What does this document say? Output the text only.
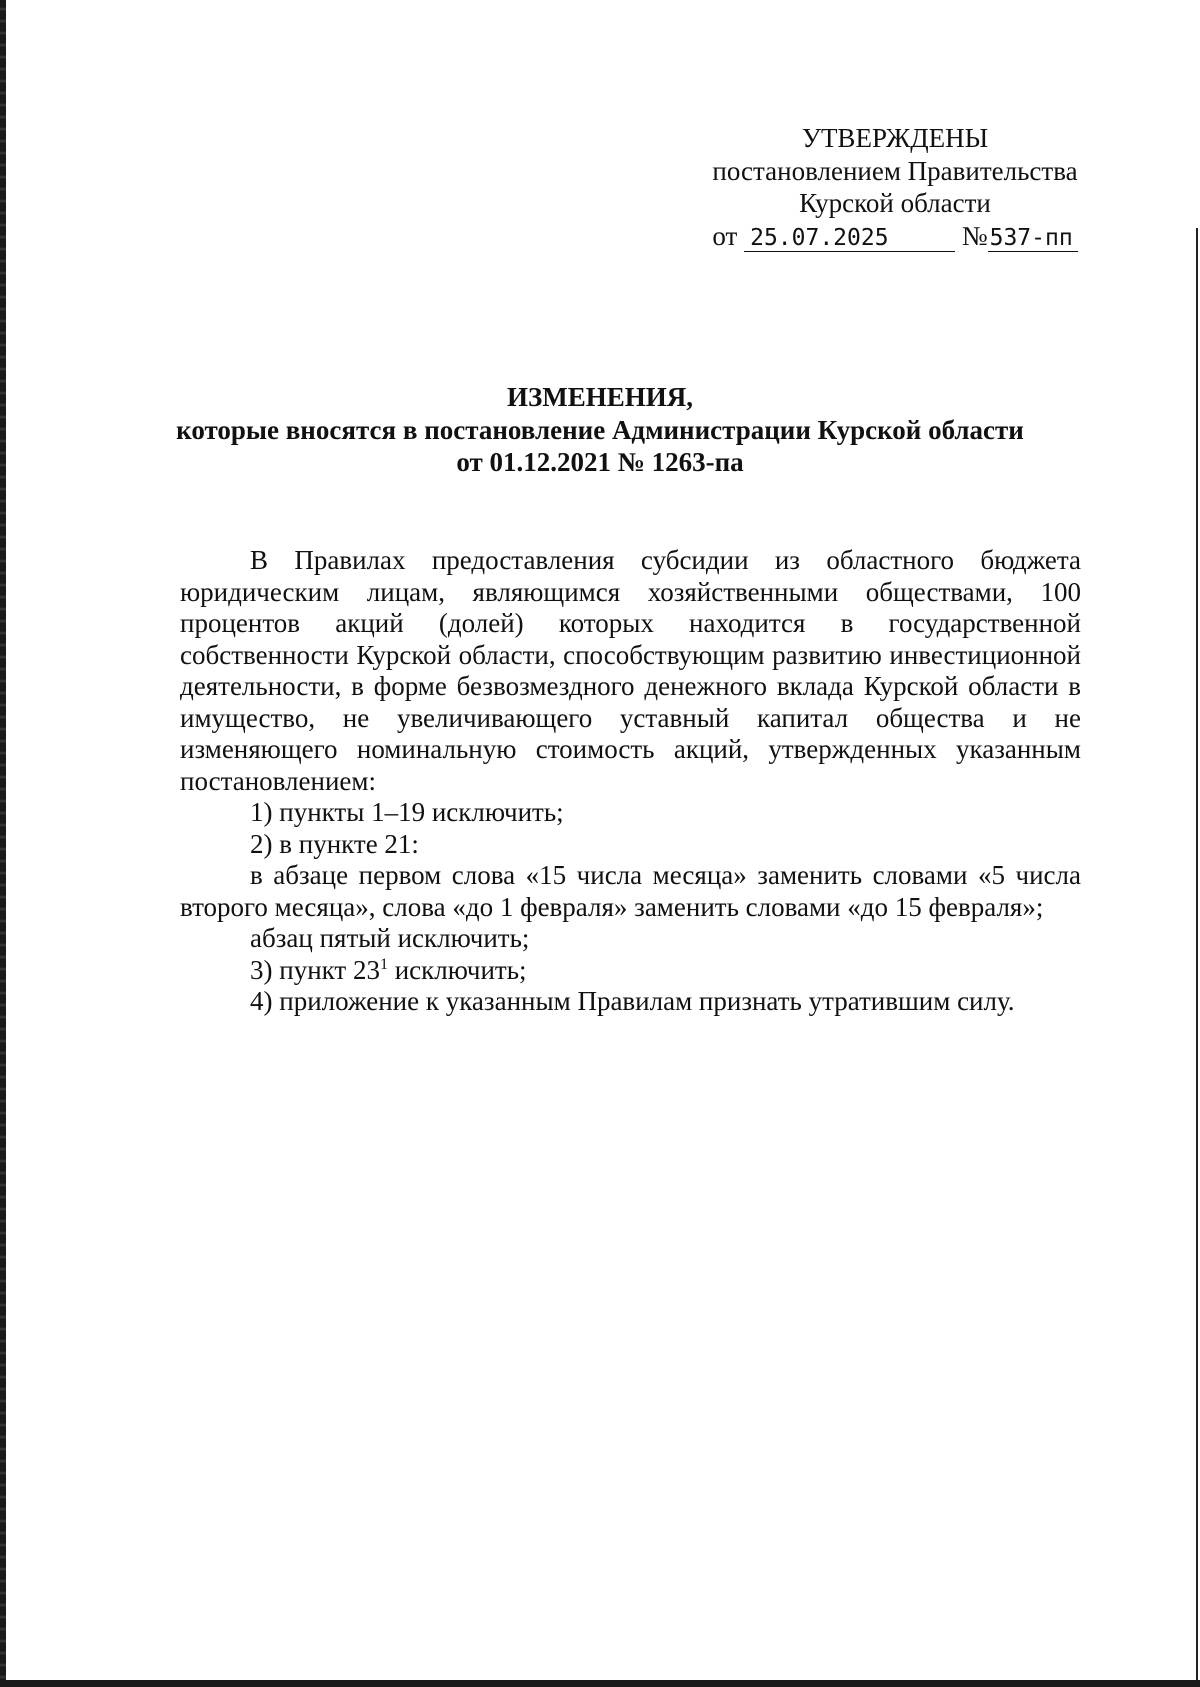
УТВЕРЖДЕНЫ
постановлением Правительства
Курской области
от 25.07.2025	№537-пп
ИЗМЕНЕНИЯ,
которые вносятся в постановление Администрации Курской области
от 01.12.2021 № 1263-па

В Правилах предоставления субсидии из областного бюджета юридическим лицам, являющимся хозяйственными обществами, 100 процентов акций (долей) которых находится в государственной собственности Курской области, способствующим развитию инвестиционной деятельности, в форме безвозмездного денежного вклада Курской области в имущество, не увеличивающего уставный капитал общества и не изменяющего номинальную стоимость акций, утвержденных указанным постановлением:

1) пункты 1–19 исключить;

2) в пункте 21:

в абзаце первом слова «15 числа месяца» заменить словами «5 числа второго месяца», слова «до 1 февраля» заменить словами «до 15 февраля»;

абзац пятый исключить;

3) пункт $23^1$ исключить;

4) приложение к указанным Правилам признать утратившим силу.
